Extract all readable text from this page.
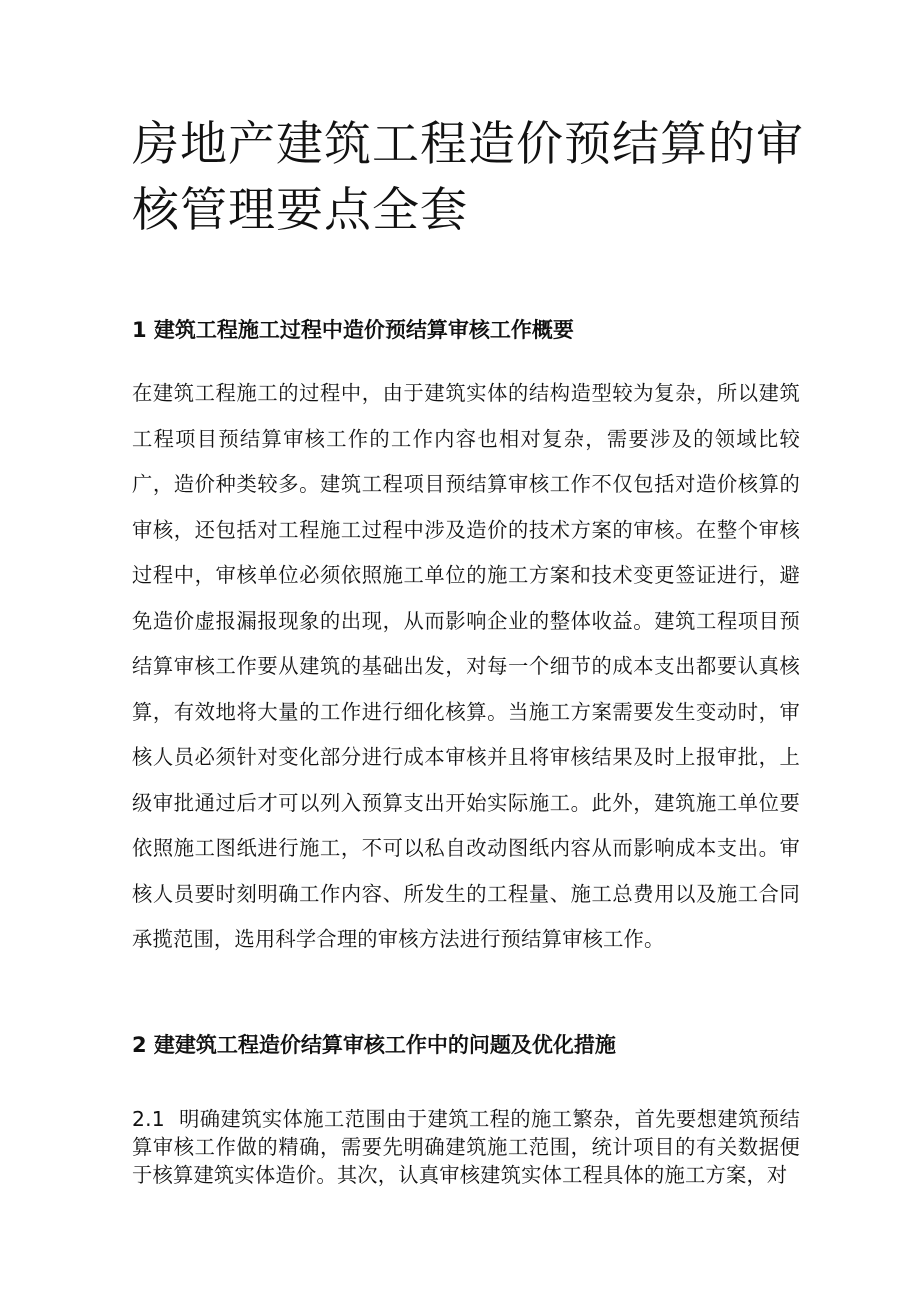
房地产建筑工程造价预结算的审核管理要点全套
1 建筑工程施工过程中造价预结算审核工作概要

在建筑工程施工的过程中，由于建筑实体的结构造型较为复杂，所以建筑工程项目预结算审核工作的工作内容也相对复杂，需要涉及的领域比较广，造价种类较多。建筑工程项目预结算审核工作不仅包括对造价核算的审核，还包括对工程施工过程中涉及造价的技术方案的审核。在整个审核过程中，审核单位必须依照施工单位的施工方案和技术变更签证进行，避免造价虚报漏报现象的出现，从而影响企业的整体收益。建筑工程项目预结算审核工作要从建筑的基础出发，对每一个细节的成本支出都要认真核算，有效地将大量的工作进行细化核算。当施工方案需要发生变动时，审核人员必须针对变化部分进行成本审核并且将审核结果及时上报审批，上级审批通过后才可以列入预算支出开始实际施工。此外，建筑施工单位要依照施工图纸进行施工，不可以私自改动图纸内容从而影响成本支出。审核人员要时刻明确工作内容、所发生的工程量、施工总费用以及施工合同承揽范围，选用科学合理的审核方法进行预结算审核工作。

2 建建筑工程造价结算审核工作中的问题及优化措施

2.1 明确建筑实体施工范围由于建筑工程的施工繁杂，首先要想建筑预结算审核工作做的精确，需要先明确建筑施工范围，统计项目的有关数据便于核算建筑实体造价。其次，认真审核建筑实体工程具体的施工方案，对
